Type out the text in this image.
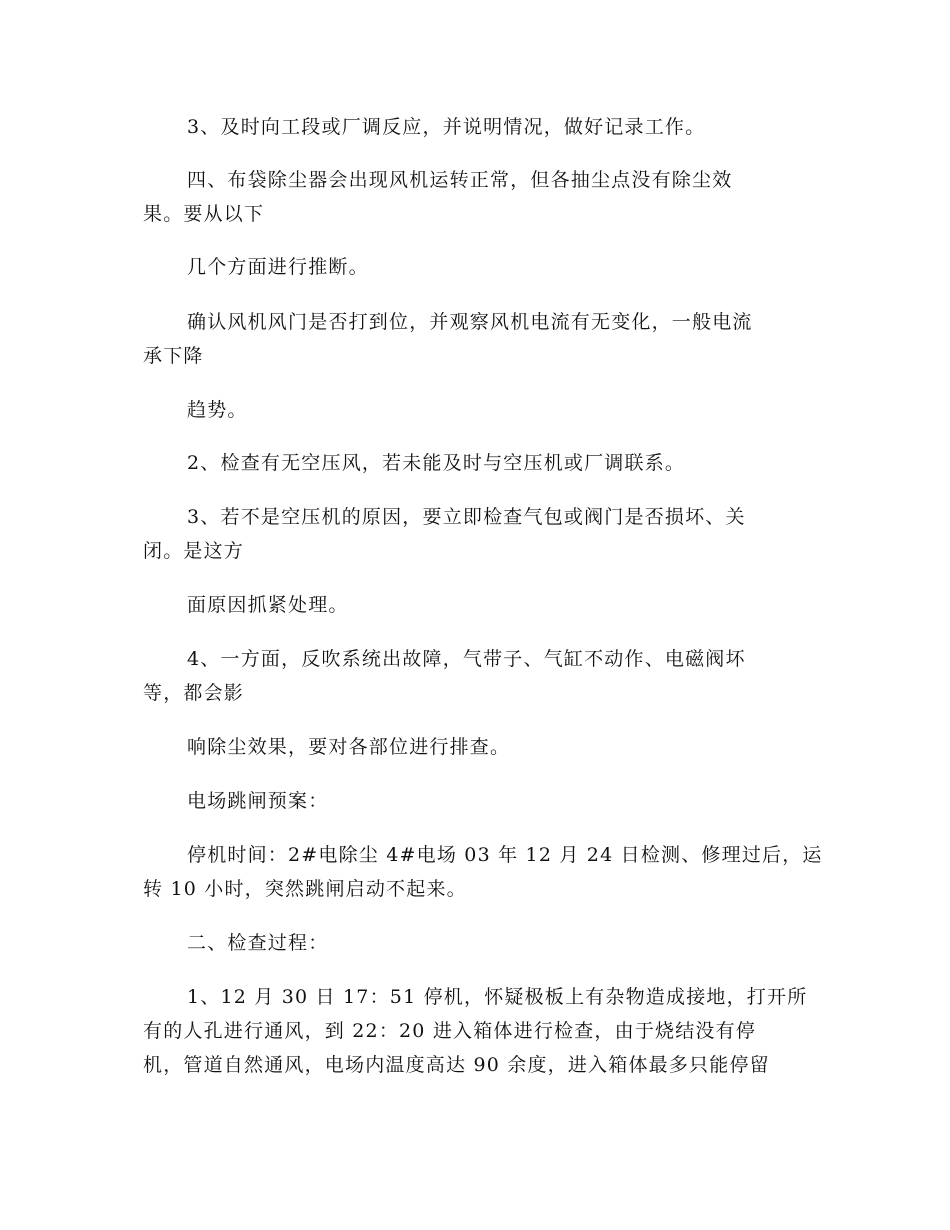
3、及时向工段或厂调反应，并说明情况，做好记录工作。

四、布袋除尘器会出现风机运转正常，但各抽尘点没有除尘效
果。要从以下

几个方面进行推断。

确认风机风门是否打到位，并观察风机电流有无变化，一般电流
承下降

趋势。

2、检查有无空压风，若未能及时与空压机或厂调联系。

3、若不是空压机的原因，要立即检查气包或阀门是否损坏、关
闭。是这方

面原因抓紧处理。

4、一方面，反吹系统出故障，气带子、气缸不动作、电磁阀坏
等，都会影

响除尘效果，要对各部位进行排查。

电场跳闸预案：

停机时间：2#电除尘 4#电场 03 年 12 月 24 日检测、修理过后，运
转 10 小时，突然跳闸启动不起来。

二、检查过程：

1、12 月 30 日 17：51 停机，怀疑极板上有杂物造成接地，打开所
有的人孔进行通风，到 22：20 进入箱体进行检查，由于烧结没有停
机，管道自然通风，电场内温度高达 90 余度，进入箱体最多只能停留
